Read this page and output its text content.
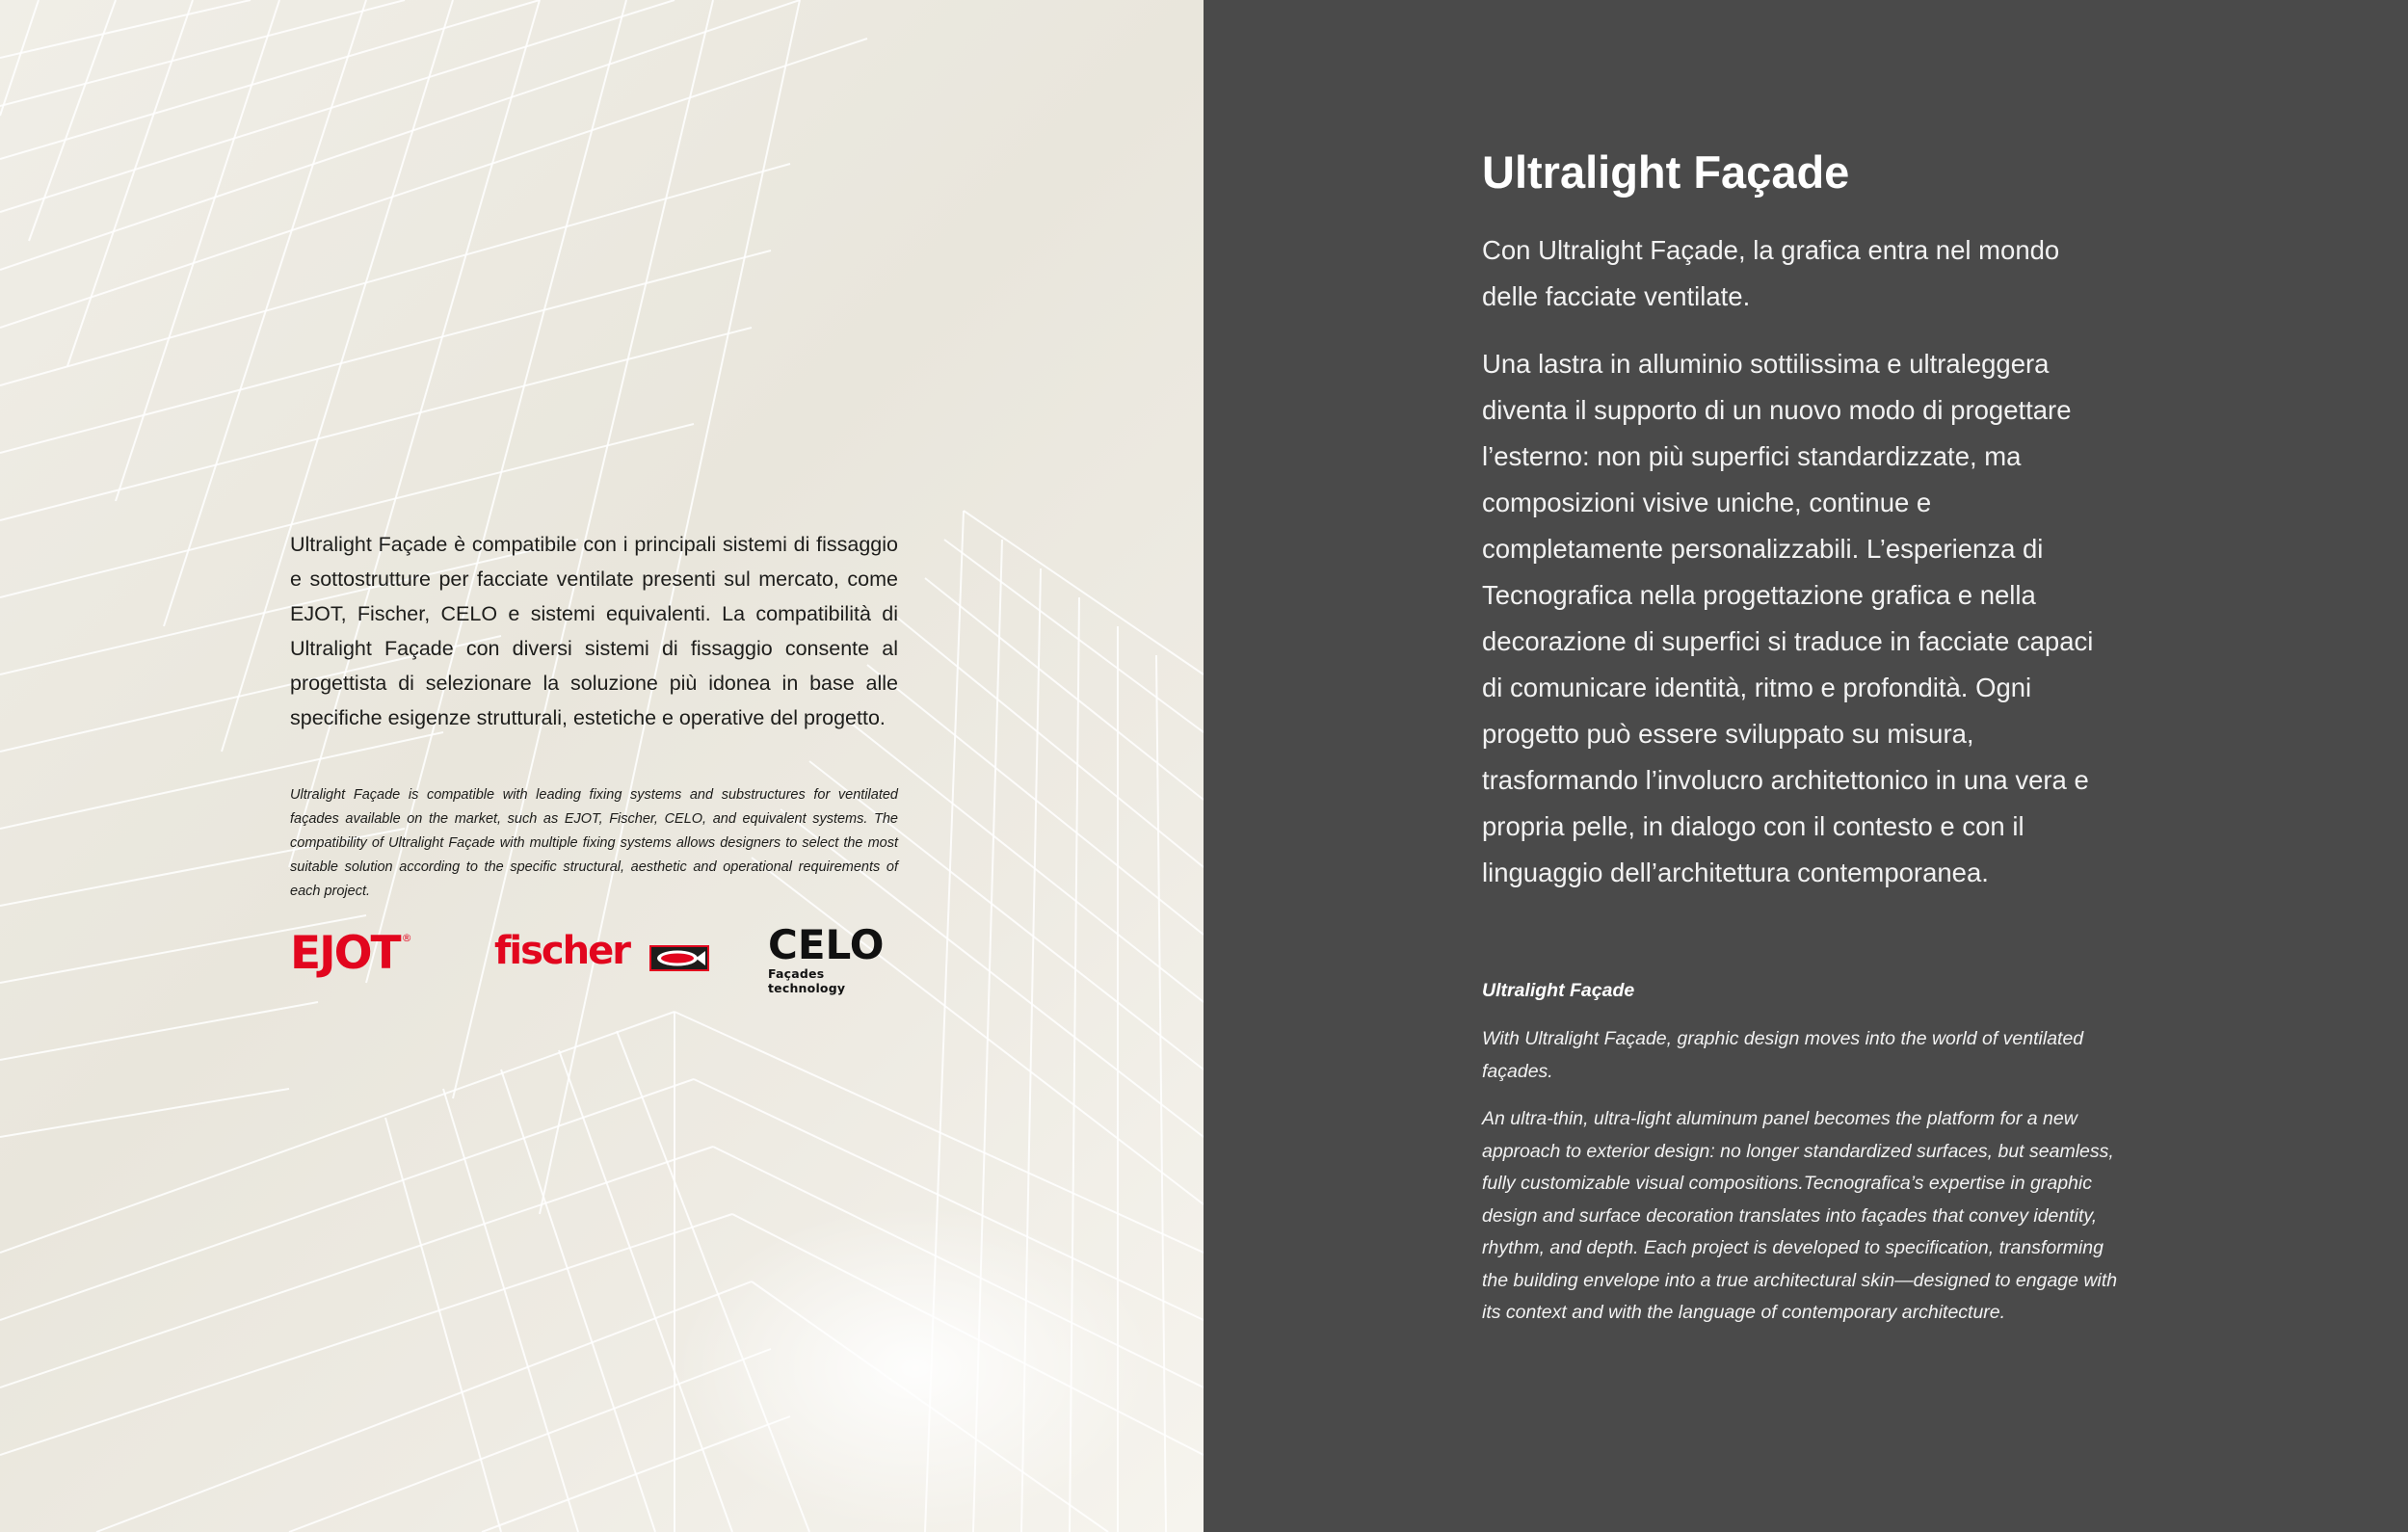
Ultralight Façade è compatibile con i principali sistemi di fissaggio e sottostrutture per facciate ventilate presenti sul mercato, come EJOT, Fischer, CELO e sistemi equivalenti. La compatibilità di Ultralight Façade con diversi sistemi di fissaggio consente al progettista di selezionare la soluzione più idonea in base alle specifiche esigenze strutturali, estetiche e operative del progetto.

Ultralight Façade is compatible with leading fixing systems and substructures for ventilated façades available on the market, such as EJOT, Fischer, CELO, and equivalent systems. The compatibility of Ultralight Façade with multiple fixing systems allows designers to select the most suitable solution according to the specific structural, aesthetic and operational requirements of each project.

EJOT ® fischer	CELO
Façades technology
Ultralight Façade

Con Ultralight Façade, la grafica entra nel mondo delle facciate ventilate.

Una lastra in alluminio sottilissima e ultraleggera diventa il supporto di un nuovo modo di progettare l’esterno: non più superfici standardizzate, ma composizioni visive uniche, continue e completamente personalizzabili. L’esperienza di Tecnografica nella progettazione grafica e nella decorazione di superfici si traduce in facciate capaci di comunicare identità, ritmo e profondità. Ogni progetto può essere sviluppato su misura, trasformando l’involucro architettonico in una vera e propria pelle, in dialogo con il contesto e con il linguaggio dell’architettura contemporanea.

Ultralight Façade

With Ultralight Façade, graphic design moves into the world of ventilated façades.

An ultra-thin, ultra-light aluminum panel becomes the platform for a new approach to exterior design: no longer standardized surfaces, but seamless, fully customizable visual compositions.Tecnografica’s expertise in graphic design and surface decoration translates into façades that convey identity, rhythm, and depth. Each project is developed to specification, transforming the building envelope into a true architectural skin—designed to engage with its context and with the language of contemporary architecture.
